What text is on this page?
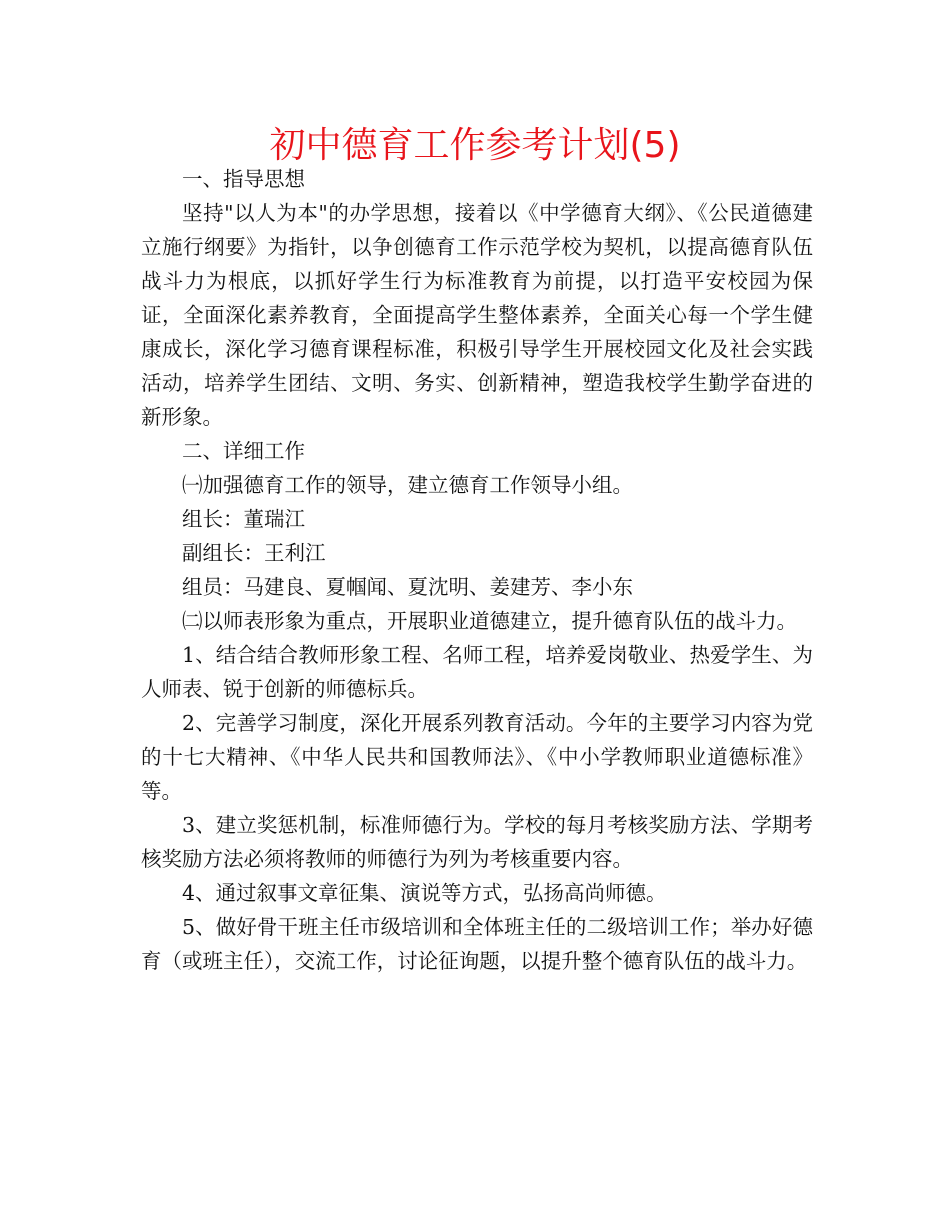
初中德育工作参考计划(5)

一、指导思想

坚持"以人为本"的办学思想，接着以《中学德育大纲》、《公民道德建立施行纲要》为指针，以争创德育工作示范学校为契机，以提高德育队伍战斗力为根底，以抓好学生行为标准教育为前提，以打造平安校园为保证，全面深化素养教育，全面提高学生整体素养，全面关心每一个学生健康成长，深化学习德育课程标准，积极引导学生开展校园文化及社会实践活动，培养学生团结、文明、务实、创新精神，塑造我校学生勤学奋进的新形象。

二、详细工作

㈠加强德育工作的领导，建立德育工作领导小组。

组长：董瑞江

副组长：王利江

组员：马建良、夏帼闻、夏沈明、姜建芳、李小东

㈡以师表形象为重点，开展职业道德建立，提升德育队伍的战斗力。

1、结合结合教师形象工程、名师工程，培养爱岗敬业、热爱学生、为人师表、锐于创新的师德标兵。

2、完善学习制度，深化开展系列教育活动。今年的主要学习内容为党的十七大精神、《中华人民共和国教师法》、《中小学教师职业道德标准》等。

3、建立奖惩机制，标准师德行为。学校的每月考核奖励方法、学期考核奖励方法必须将教师的师德行为列为考核重要内容。

4、通过叙事文章征集、演说等方式，弘扬高尚师德。

5、做好骨干班主任市级培训和全体班主任的二级培训工作；举办好德育（或班主任），交流工作，讨论征询题，以提升整个德育队伍的战斗力。
